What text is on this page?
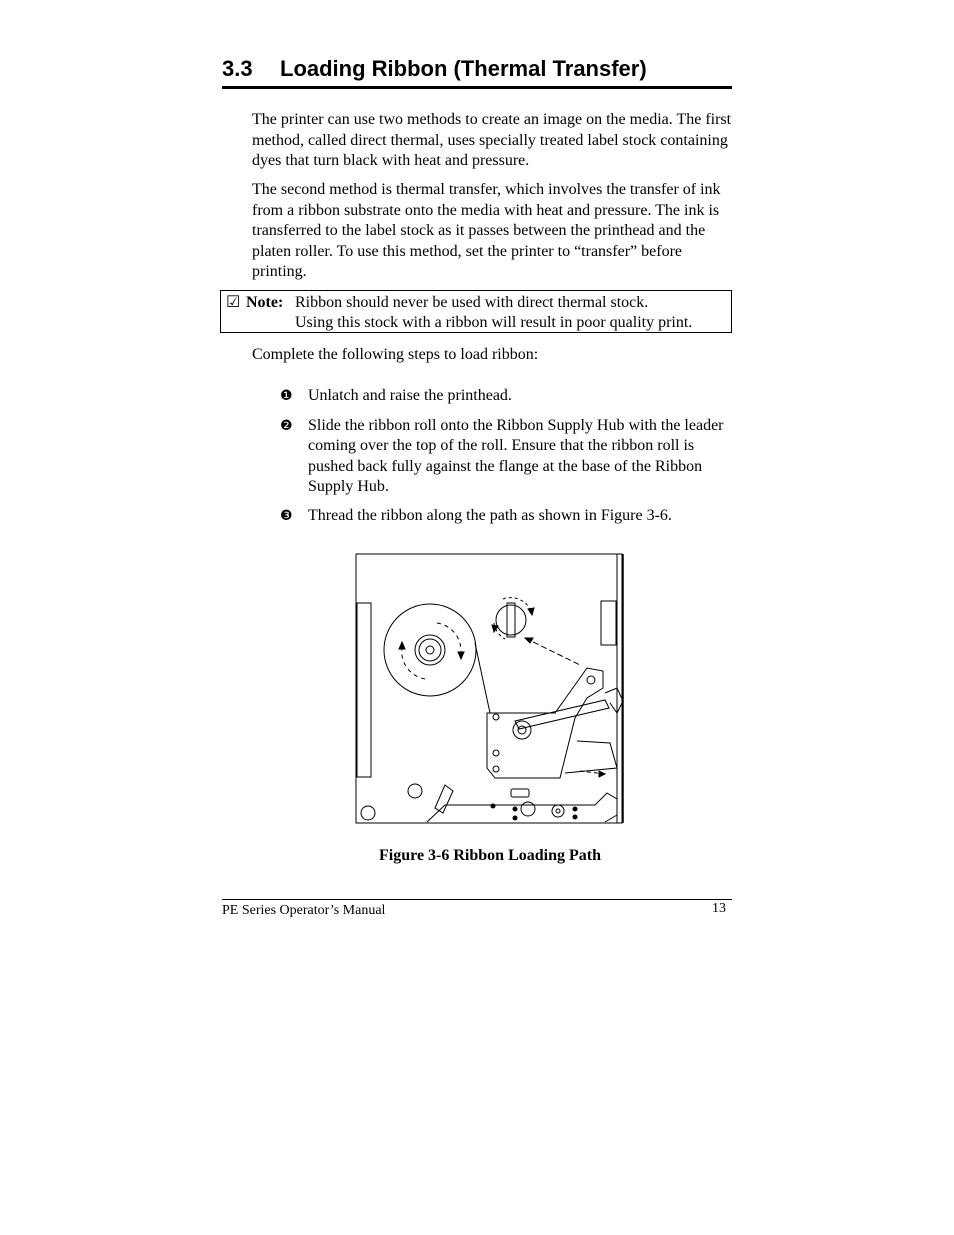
3.3 Loading Ribbon (Thermal Transfer)

The printer can use two methods to create an image on the media. The first method, called direct thermal, uses specially treated label stock containing dyes that turn black with heat and pressure.

The second method is thermal transfer, which involves the transfer of ink from a ribbon substrate onto the media with heat and pressure. The ink is transferred to the label stock as it passes between the printhead and the platen roller. To use this method, set the printer to “transfer” before printing.

☑ Note: Ribbon should never be used with direct thermal stock.
Using this stock with a ribbon will result in poor quality print.

Complete the following steps to load ribbon:

❶ Unlatch and raise the printhead.
❷ Slide the ribbon roll onto the Ribbon Supply Hub with the leader coming over the top of the roll. Ensure that the ribbon roll is pushed back fully against the flange at the base of the Ribbon Supply Hub.
❸ Thread the ribbon along the path as shown in Figure 3-6.
Figure 3-6 Ribbon Loading Path
PE Series Operator’s Manual	13
